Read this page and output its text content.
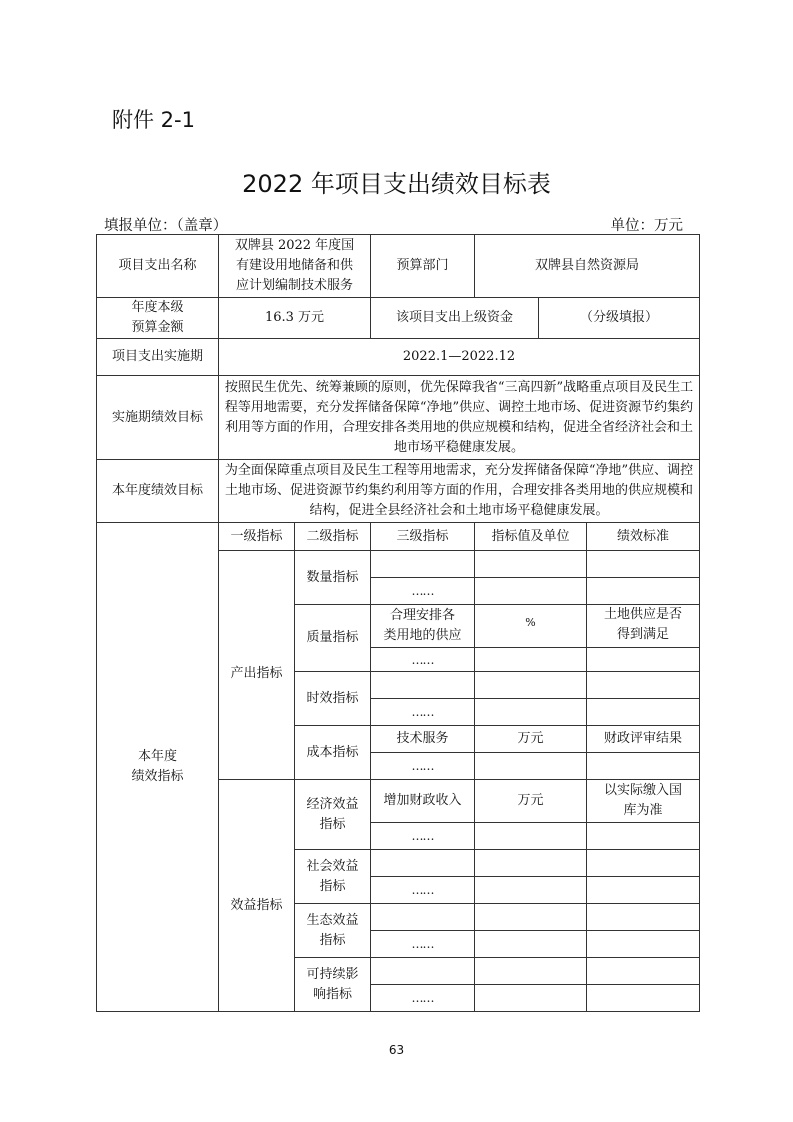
附件 2-1
2022 年项目支出绩效目标表
填报单位：（盖章）	单位：万元
项目支出名称	双牌县 2022 年度国
有建设用地储备和供
应计划编制技术服务		预算部门	双牌县自然资源局		

年度本级
预算金额	16.3 万元		该项目支出上级资金		（分级填报）	
项目支出实施期	2022.1—2022.12					
实施期绩效目标	按照民生优先、统筹兼顾的原则，优先保障我省“三高四新”战略重点项目及民生工程等用地需要，充分发挥储备保障“净地”供应、调控土地市场、促进资源节约集约利用等方面的作用，合理安排各类用地的供应规模和结构，促进全省经济社会和土地市场平稳健康发展。					
本年度绩效目标	为全面保障重点项目及民生工程等用地需求，充分发挥储备保障“净地”供应、调控土地市场、促进资源节约集约利用等方面的作用，合理安排各类用地的供应规模和结构，促进全县经济社会和土地市场平稳健康发展。					

本年度
绩效指标	一级指标	二级指标	三级指标	指标值及单位		绩效标准
	产出指标	数量指标				
			……			
		质量指标	合理安排各
类用地的供应	%		土地供应是否
得到满足

			……			
		时效指标				
			……			
		成本指标	技术服务	万元		财政评审结果
			……			
	效益指标	经济效益
指标	增加财政收入	万元		以实际缴入国
库为准

			……			

		社会效益
指标				

			……			

		生态效益
指标				

			……			

		可持续影
响指标				

			……			
63
